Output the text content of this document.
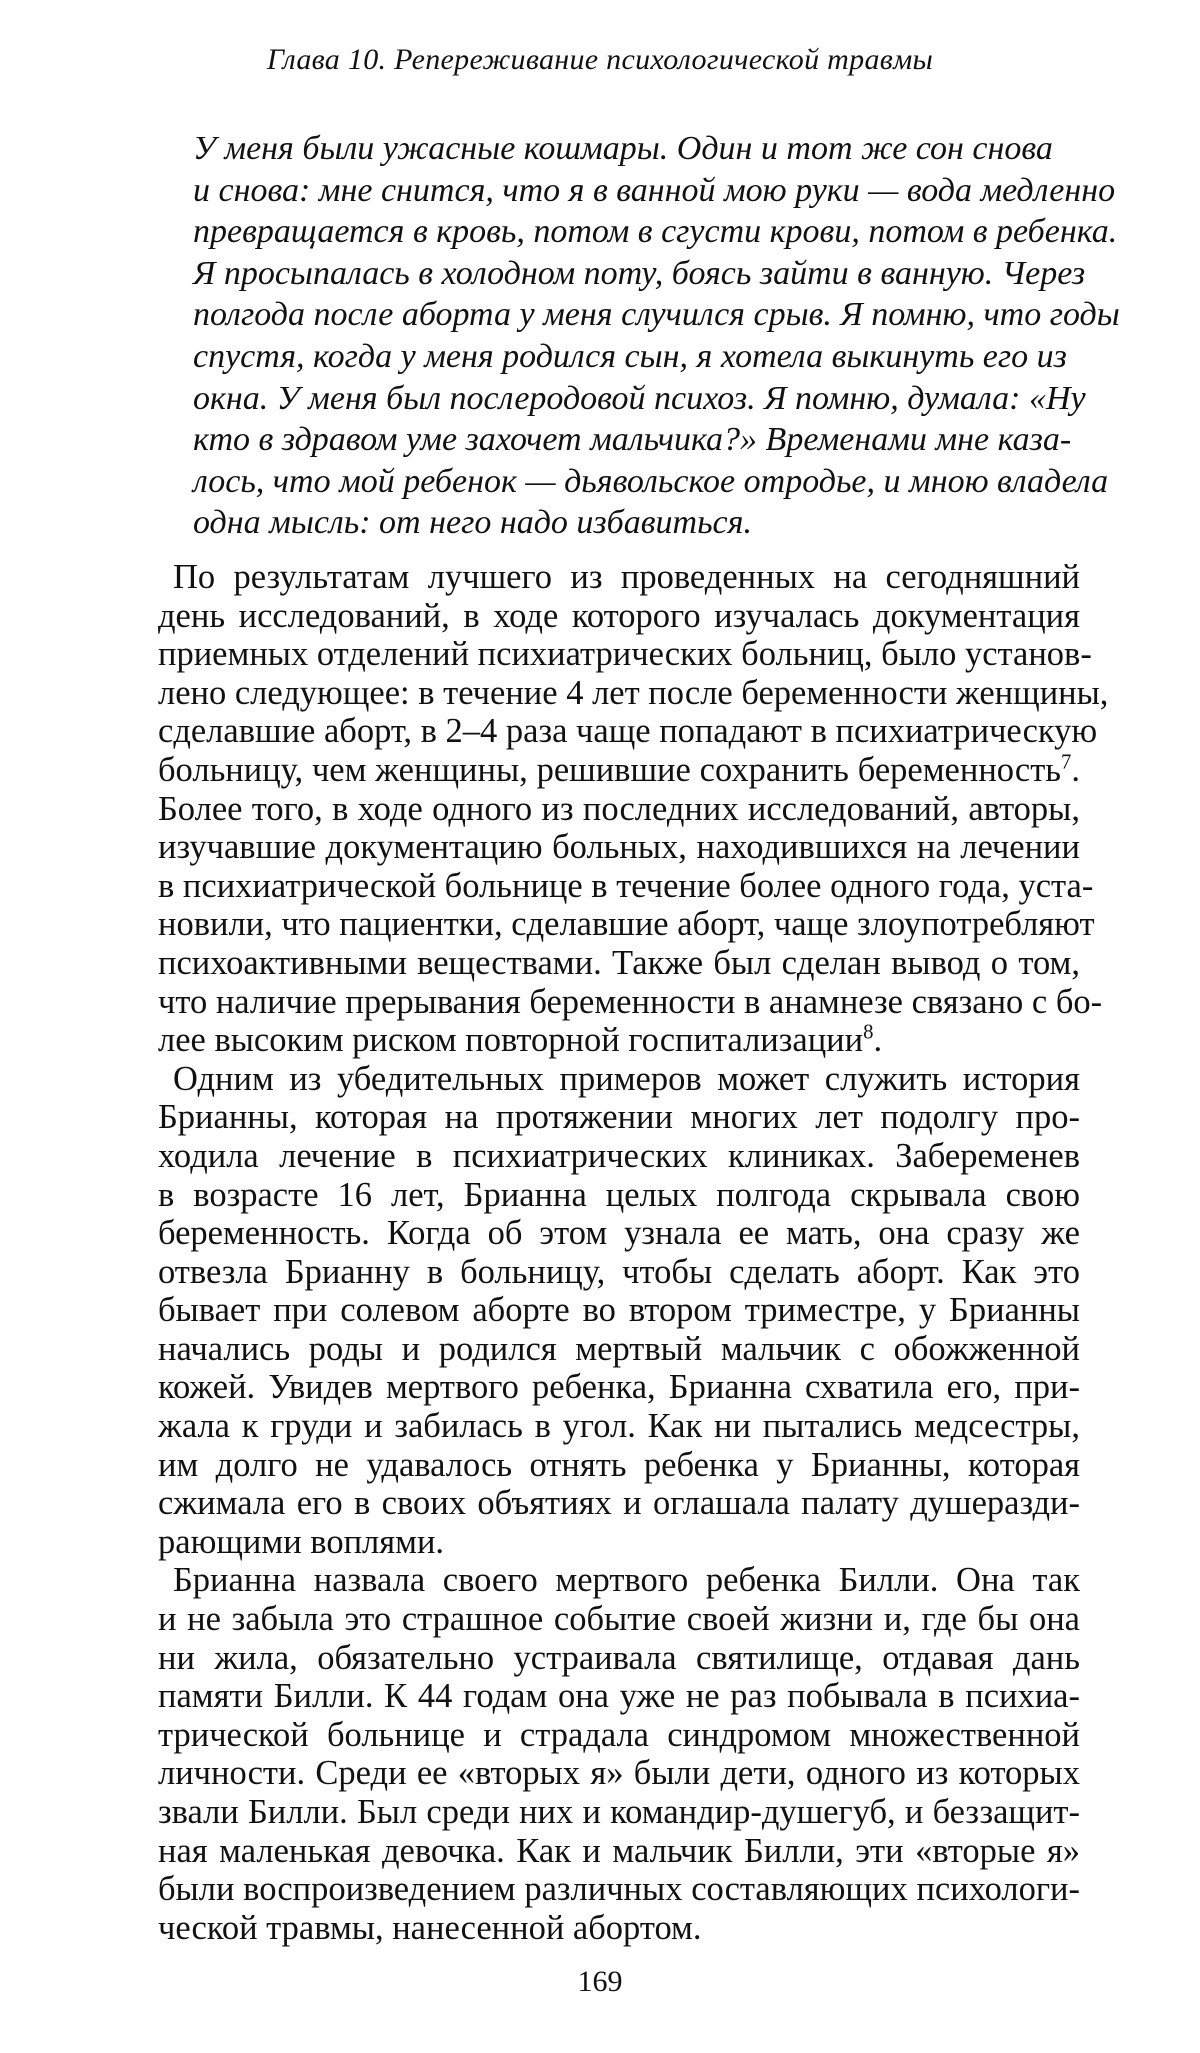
Глава 10. Репереживание психологической травмы
У меня были ужасные кошмары. Один и тот же сон снова
и снова: мне снится, что я в ванной мою руки — вода медленно
превращается в кровь, потом в сгусти крови, потом в ребенка.
Я просыпалась в холодном поту, боясь зайти в ванную. Через
полгода после аборта у меня случился срыв. Я помню, что годы
спустя, когда у меня родился сын, я хотела выкинуть его из
окна. У меня был послеродовой психоз. Я помню, думала: «Ну
кто в здравом уме захочет мальчика?» Временами мне каза-
лось, что мой ребенок — дьявольское отродье, и мною владела
одна мысль: от него надо избавиться.
По результатам лучшего из проведенных на сегодняшний
день исследований, в ходе которого изучалась документация
приемных отделений психиатрических больниц, было установ-
лено следующее: в течение 4 лет после беременности женщины,
сделавшие аборт, в 2–4 раза чаще попадают в психиатрическую
больницу, чем женщины, решившие сохранить беременность$^7$.
Более того, в ходе одного из последних исследований, авторы,
изучавшие документацию больных, находившихся на лечении
в психиатрической больнице в течение более одного года, уста-
новили, что пациентки, сделавшие аборт, чаще злоупотребляют
психоактивными веществами. Также был сделан вывод о том,
что наличие прерывания беременности в анамнезе связано с бо-
лее высоким риском повторной госпитализации$^8$.
Одним из убедительных примеров может служить история
Брианны, которая на протяжении многих лет подолгу про-
ходила лечение в психиатрических клиниках. Забеременев
в возрасте 16 лет, Брианна целых полгода скрывала свою
беременность. Когда об этом узнала ее мать, она сразу же
отвезла Брианну в больницу, чтобы сделать аборт. Как это
бывает при солевом аборте во втором триместре, у Брианны
начались роды и родился мертвый мальчик с обожженной
кожей. Увидев мертвого ребенка, Брианна схватила его, при-
жала к груди и забилась в угол. Как ни пытались медсестры,
им долго не удавалось отнять ребенка у Брианны, которая
сжимала его в своих объятиях и оглашала палату душеразди-
рающими воплями.
Брианна назвала своего мертвого ребенка Билли. Она так
и не забыла это страшное событие своей жизни и, где бы она
ни жила, обязательно устраивала святилище, отдавая дань
памяти Билли. К 44 годам она уже не раз побывала в психиа-
трической больнице и страдала синдромом множественной
личности. Среди ее «вторых я» были дети, одного из которых
звали Билли. Был среди них и командир-душегуб, и беззащит-
ная маленькая девочка. Как и мальчик Билли, эти «вторые я»
были воспроизведением различных составляющих психологи-
ческой травмы, нанесенной абортом.
169
